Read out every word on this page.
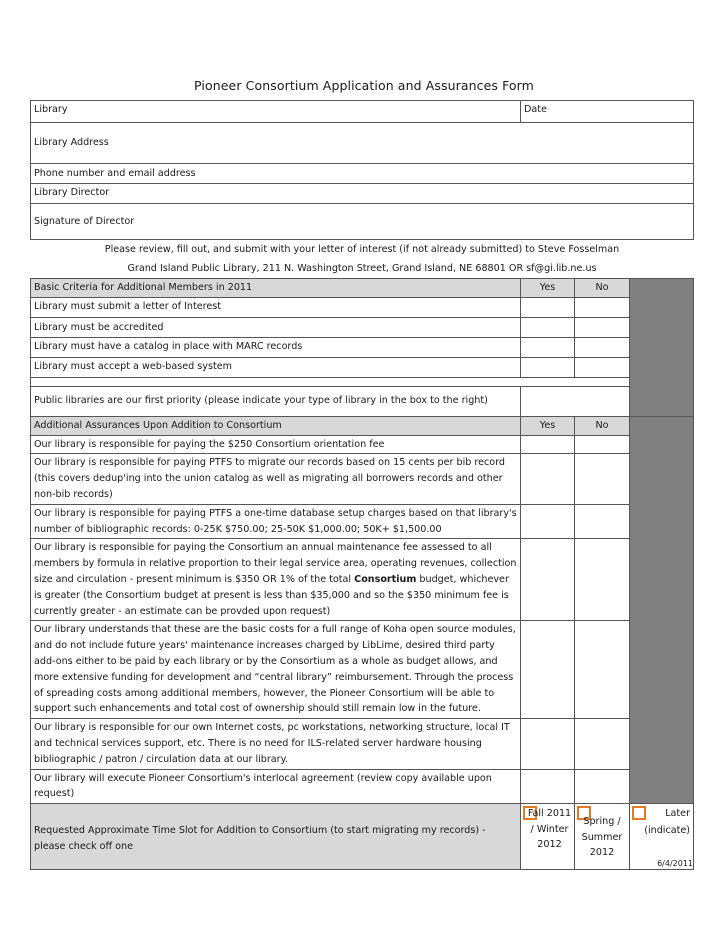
Pioneer Consortium Application and Assurances Form
Library	Date		
Library Address			
Phone number and email address			
Library Director			
Signature of Director			
Please review, fill out, and submit with your letter of interest (if not already submitted) to Steve Fosselman			
Grand Island Public Library, 211 N. Washington Street, Grand Island, NE 68801 OR sf@gi.lib.ne.us			
Basic Criteria for Additional Members in 2011	Yes	No	
Library must submit a letter of Interest			
Library must be accredited			
Library must have a catalog in place with MARC records			
Library must accept a web-based system			

Public libraries are our first priority (please indicate your type of library in the box to the right)			
Additional Assurances Upon Addition to Consortium	Yes	No	
Our library is responsible for paying the $250 Consortium orientation fee			
Our library is responsible for paying PTFS to migrate our records based on 15 cents per bib record (this covers dedup'ing into the union catalog as well as migrating all borrowers records and other non-bib records)			
Our library is responsible for paying PTFS a one-time database setup charges based on that library's number of bibliographic records: 0-25K $750.00; 25-50K $1,000.00; 50K+ $1,500.00			
Our library is responsible for paying the Consortium an annual maintenance fee assessed to all members by formula in relative proportion to their legal service area, operating revenues, collection size and circulation - present minimum is $350 OR 1% of the total Consortium budget, whichever is greater (the Consortium budget at present is less than $35,000 and so the $350 minimum fee is currently greater - an estimate can be provded upon request)			
Our library understands that these are the basic costs for a full range of Koha open source modules, and do not include future years' maintenance increases charged by LibLime, desired third party add-ons either to be paid by each library or by the Consortium as a whole as budget allows, and more extensive funding for development and “central library” reimbursement. Through the process of spreading costs among additional members, however, the Pioneer Consortium will be able to support such enhancements and total cost of ownership should still remain low in the future.			
Our library is responsible for our own Internet costs, pc workstations, networking structure, local IT and technical services support, etc. There is no need for ILS-related server hardware housing bibliographic / patron / circulation data at our library.			
Our library will execute Pioneer Consortium's interlocal agreement (review copy available upon request)			
Requested Approximate Time Slot for Addition to Consortium (to start migrating my records) - please check off one	Fall 2011 / Winter 2012	Spring / Summer 2012	Later
(indicate)
6/4/2011
